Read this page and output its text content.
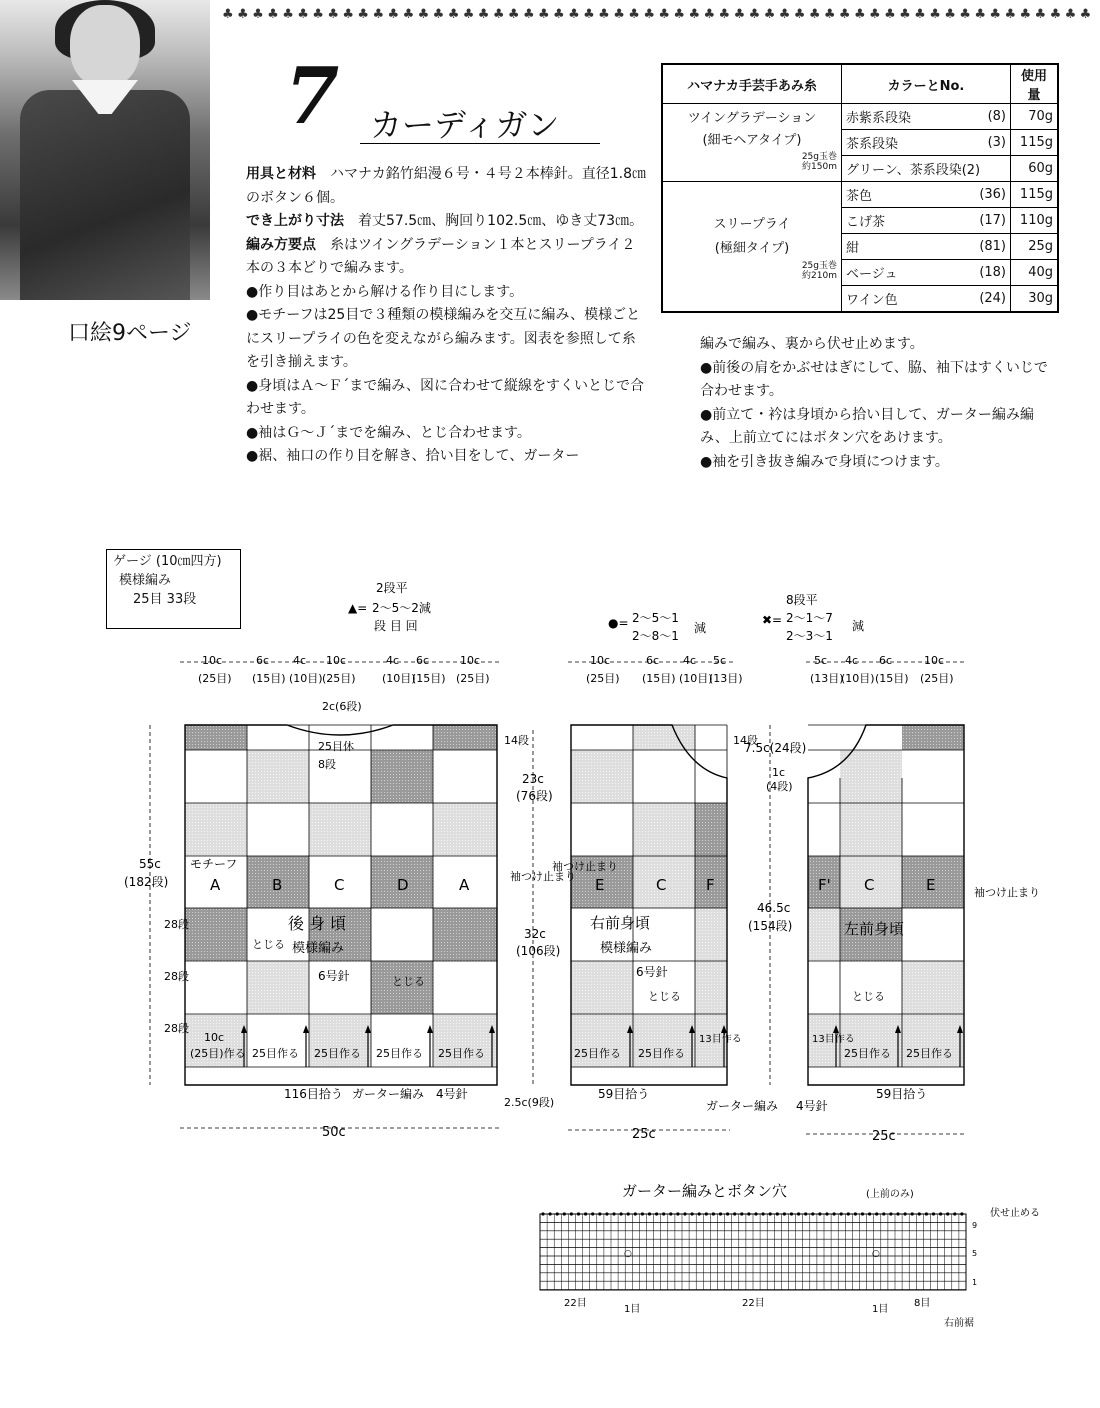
口絵9ページ
♣ ♣ ♣ ♣ ♣ ♣ ♣ ♣ ♣ ♣ ♣ ♣ ♣ ♣ ♣ ♣ ♣ ♣ ♣ ♣ ♣ ♣ ♣ ♣ ♣ ♣ ♣ ♣ ♣ ♣ ♣ ♣ ♣ ♣ ♣ ♣ ♣ ♣ ♣ ♣ ♣ ♣ ♣ ♣ ♣ ♣ ♣ ♣ ♣ ♣ ♣ ♣ ♣ ♣ ♣ ♣ ♣ ♣
7 カーディガン

用具と材料　 ハマナカ銘竹絽漫６号・４号２本棒針。直径1.8㎝のボタン６個。

でき上がり寸法　 着丈57.5㎝、胸回り102.5㎝、ゆき丈73㎝。

編み方要点　 糸はツイングラデーション１本とスリープライ２本の３本どりで編みます。

●作り目はあとから解ける作り目にします。

●モチーフは25目で３種類の模様編みを交互に編み、模様ごとにスリープライの色を変えながら編みます。図表を参照して糸を引き揃えます。

●身頃はＡ～Ｆ´まで編み、図に合わせて縦線をすくいとじで合わせます。

●袖はＧ～Ｊ´までを編み、とじ合わせます。

●裾、袖口の作り目を解き、拾い目をして、ガーター

編みで編み、裏から伏せ止めます。

●前後の肩をかぶせはぎにして、脇、袖下はすくいじで合わせます。

●前立て・衿は身頃から拾い目して、ガーター編み編み、上前立てにはボタン穴をあけます。

●袖を引き抜き編みで身頃につけます。

ハマナカ手芸手あみ糸	カラーとNo.		使用量
ツイングラデーション
(細モヘアタイプ)
25g玉巻
約150m	赤紫系段染	(8)	70g
	茶系段染	(3)	115g
	グリーン、茶系段染(2)		60g
スリープライ
(極細タイプ)
25g玉巻
約210m	茶色	(36)	115g
	こげ茶	(17)	110g
	紺	(81)	25g
	ベージュ	(18)	40g
	ワイン色	(24)	30g
ゲージ (10㎝四方)
模様編み
25目 33段
2段平
▲= 2～5～2減
段 目 回	●= 2～5～1
2～8～1
減
8段平
✖= 2～1～7
2～3～1
減
10c
(25目)
6c
(15目)
4c
(10目)
10c
(25目)
4c
(10目)
6c
(15目)
10c
(25目)
10c
(25目)
6c
(15目)
4c
(10目)
5c
(13目)
5c
(13目)
4c
(10目)
6c
(15目)
10c
(25目)
2c(6段)
25目休
8段
14段
23c
(76段)
55c
(182段)
28段
28段
28段
モチーフ
A	B	C	D	A	E	C	F	F' C	E
後 身 頃
模様編み
6号針	とじる
とじる
袖つけ止まり
32c
(106段)
2.5c(9段)
10c
(25目)作る 25目作る 25目作る 25目作る 25目作る
116目拾う ガーター編み 4号針
右前身頃
模様編み
6号針
とじる
袖つけ止まり
25目作る 25目作る
13目作る
59目拾う
ガーター編み
14段
7.5c(24段)
1c
(4段)
46.5c
(154段)	左前身頃
とじる
袖つけ止まり
13目作る
25目作る 25目作る
4号針
59目拾う
50c	25c	25c
ガーター編みとボタン穴	(上前のみ)
○	○
伏せ止める
9
5
1
22目
1目
22目
1目
8目
右前裾
